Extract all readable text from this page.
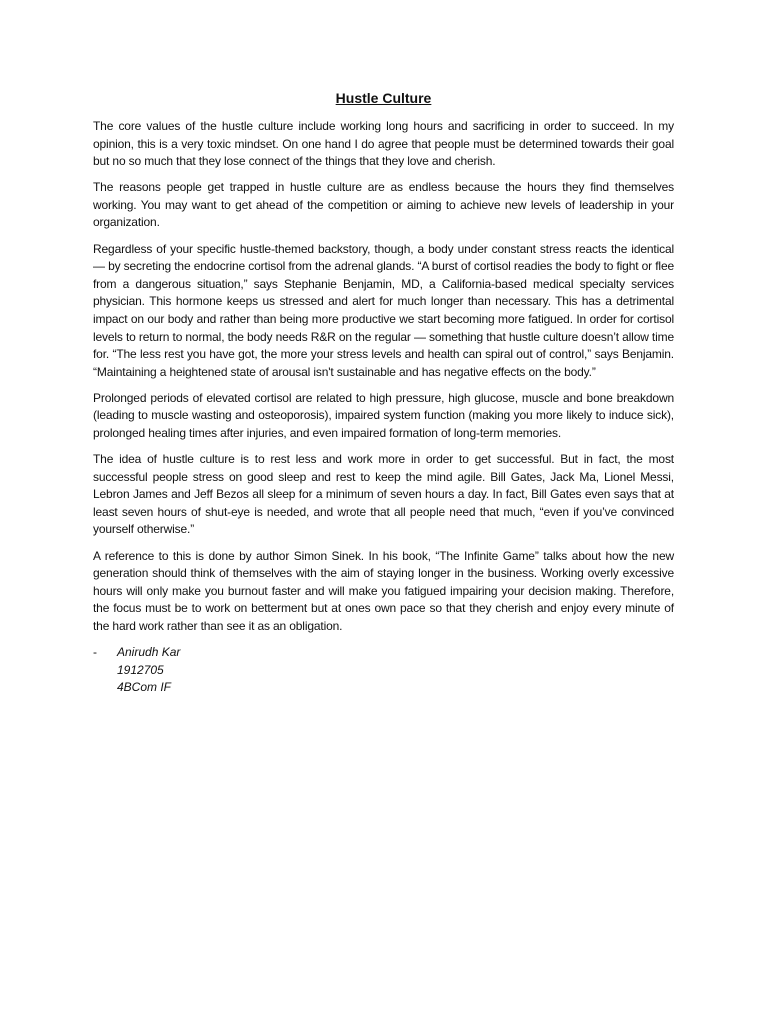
Hustle Culture

The core values of the hustle culture include working long hours and sacrificing in order to succeed. In my opinion, this is a very toxic mindset. On one hand I do agree that people must be determined towards their goal but no so much that they lose connect of the things that they love and cherish.

The reasons people get trapped in hustle culture are as endless because the hours they find themselves working. You may want to get ahead of the competition or aiming to achieve new levels of leadership in your organization.

Regardless of your specific hustle-themed backstory, though, a body under constant stress reacts the identical — by secreting the endocrine cortisol from the adrenal glands. “A burst of cortisol readies the body to fight or flee from a dangerous situation,” says Stephanie Benjamin, MD, a California-based medical specialty services physician. This hormone keeps us stressed and alert for much longer than necessary. This has a detrimental impact on our body and rather than being more productive we start becoming more fatigued. In order for cortisol levels to return to normal, the body needs R&R on the regular — something that hustle culture doesn’t allow time for. “The less rest you have got, the more your stress levels and health can spiral out of control,” says Benjamin. “Maintaining a heightened state of arousal isn't sustainable and has negative effects on the body.”

Prolonged periods of elevated cortisol are related to high pressure, high glucose, muscle and bone breakdown (leading to muscle wasting and osteoporosis), impaired system function (making you more likely to induce sick), prolonged healing times after injuries, and even impaired formation of long-term memories.

The idea of hustle culture is to rest less and work more in order to get successful. But in fact, the most successful people stress on good sleep and rest to keep the mind agile. Bill Gates, Jack Ma, Lionel Messi, Lebron James and Jeff Bezos all sleep for a minimum of seven hours a day. In fact, Bill Gates even says that at least seven hours of shut-eye is needed, and wrote that all people need that much, “even if you’ve convinced yourself otherwise.”

A reference to this is done by author Simon Sinek. In his book, “The Infinite Game” talks about how the new generation should think of themselves with the aim of staying longer in the business. Working overly excessive hours will only make you burnout faster and will make you fatigued impairing your decision making. Therefore, the focus must be to work on betterment but at ones own pace so that they cherish and enjoy every minute of the hard work rather than see it as an obligation.

- Anirudh Kar
1912705
4BCom IF
